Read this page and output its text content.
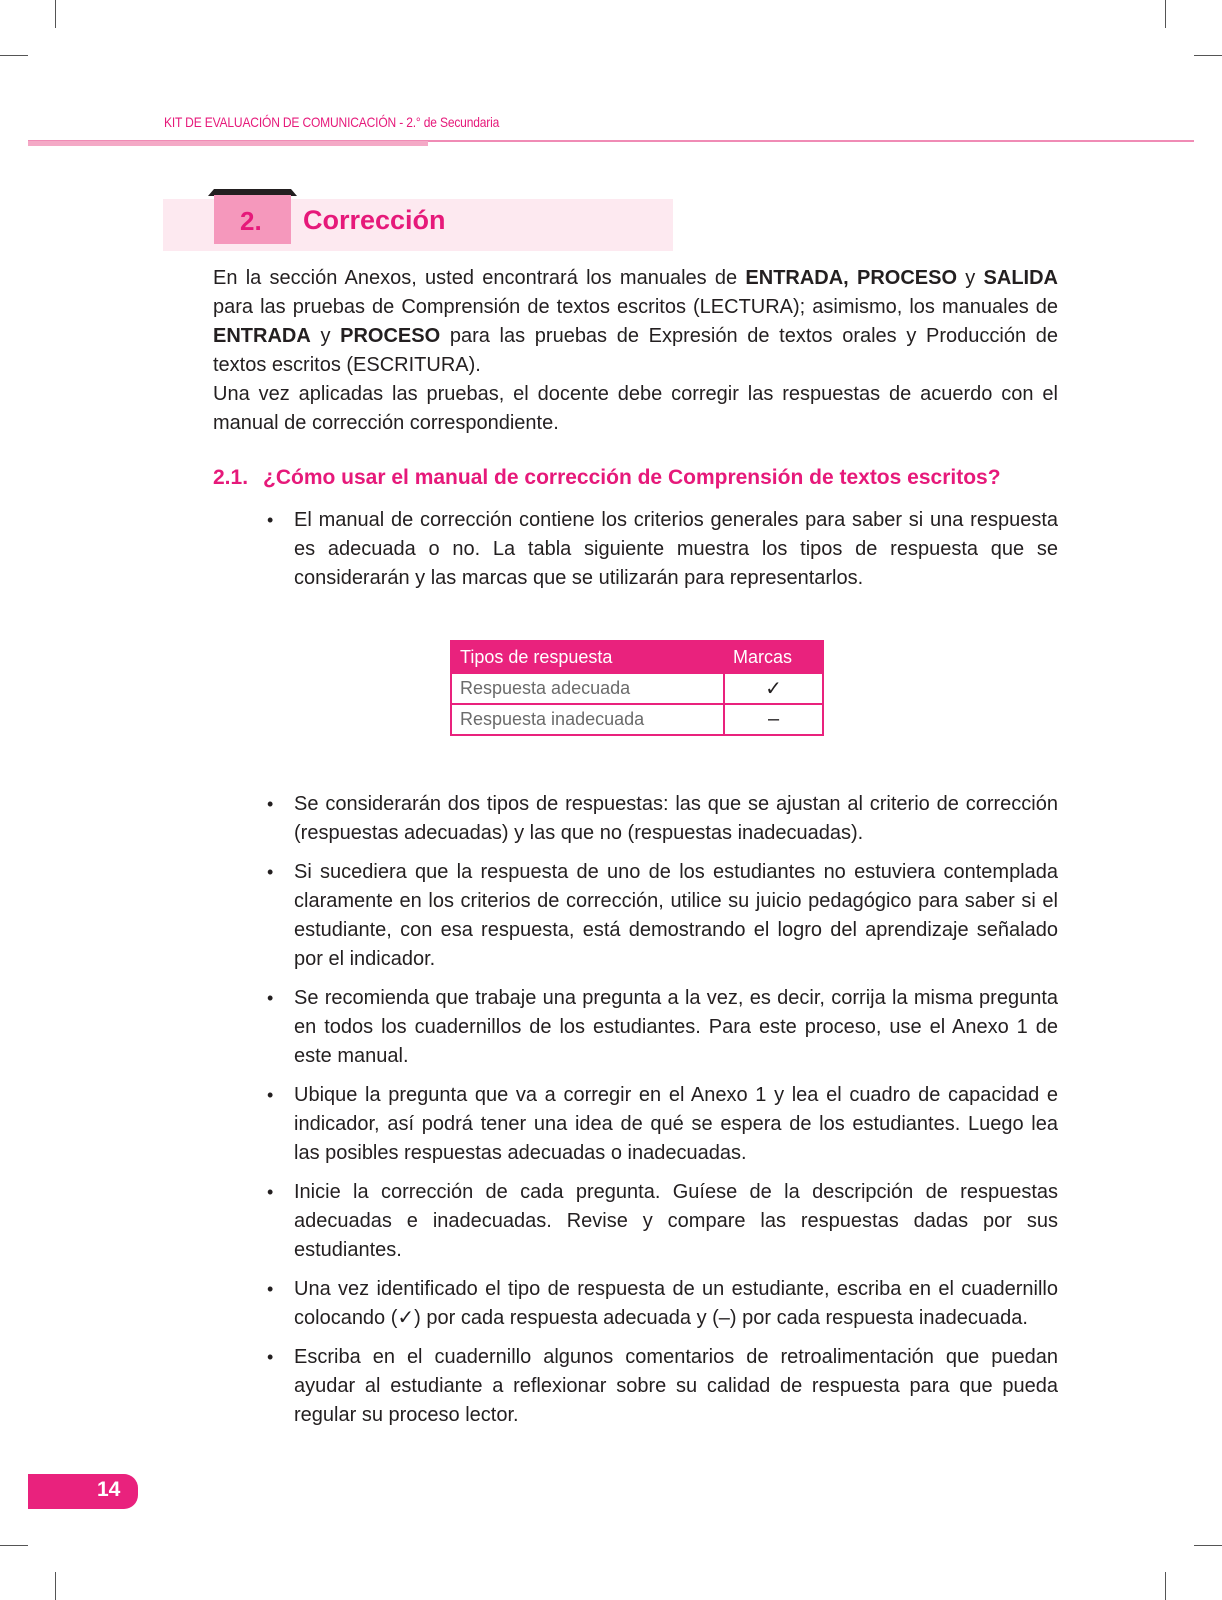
KIT DE EVALUACIÓN DE COMUNICACIÓN - 2.° de Secundaria
2. Corrección
En la sección Anexos, usted encontrará los manuales de ENTRADA, PROCESO y SALIDA para las pruebas de Comprensión de textos escritos (LECTURA); asimismo, los manuales de ENTRADA y PROCESO para las pruebas de Expresión de textos orales y Producción de textos escritos (ESCRITURA).
Una vez aplicadas las pruebas, el docente debe corregir las respuestas de acuerdo con el manual de corrección correspondiente.
2.1. ¿Cómo usar el manual de corrección de Comprensión de textos escritos?
• El manual de corrección contiene los criterios generales para saber si una respuesta es adecuada o no. La tabla siguiente muestra los tipos de respuesta que se considerarán y las marcas que se utilizarán para representarlos.
Tipos de respuesta	Marcas
Respuesta adecuada	✓
Respuesta inadecuada	–
• Se considerarán dos tipos de respuestas: las que se ajustan al criterio de corrección (respuestas adecuadas) y las que no (respuestas inadecuadas).
• Si sucediera que la respuesta de uno de los estudiantes no estuviera contemplada claramente en los criterios de corrección, utilice su juicio pedagógico para saber si el estudiante, con esa respuesta, está demostrando el logro del aprendizaje señalado por el indicador.
• Se recomienda que trabaje una pregunta a la vez, es decir, corrija la misma pregunta en todos los cuadernillos de los estudiantes. Para este proceso, use el Anexo 1 de este manual.
• Ubique la pregunta que va a corregir en el Anexo 1 y lea el cuadro de capacidad e indicador, así podrá tener una idea de qué se espera de los estudiantes. Luego lea las posibles respuestas adecuadas o inadecuadas.
• Inicie la corrección de cada pregunta. Guíese de la descripción de respuestas adecuadas e inadecuadas. Revise y compare las respuestas dadas por sus estudiantes.
• Una vez identificado el tipo de respuesta de un estudiante, escriba en el cuadernillo colocando (✓) por cada respuesta adecuada y (–) por cada respuesta inadecuada.
• Escriba en el cuadernillo algunos comentarios de retroalimentación que puedan ayudar al estudiante a reflexionar sobre su calidad de respuesta para que pueda regular su proceso lector.
14
